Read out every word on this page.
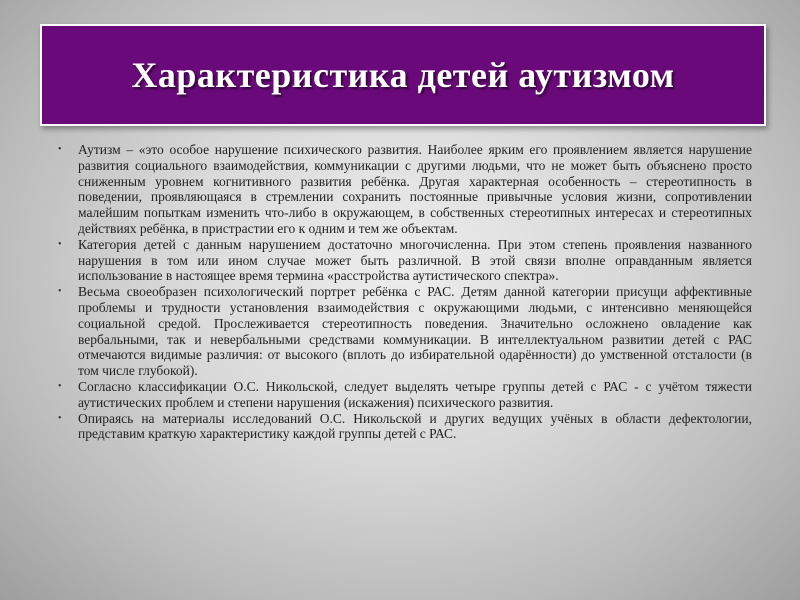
Характеристика детей аутизмом
• Аутизм – «это особое нарушение психического развития. Наиболее ярким его проявлением является нарушение развития социального взаимодействия, коммуникации с другими людьми, что не может быть объяснено просто сниженным уровнем когнитивного развития ребёнка. Другая характерная особенность – стереотипность в поведении, проявляющаяся в стремлении сохранить постоянные привычные условия жизни, сопротивлении малейшим попыткам изменить что-либо в окружающем, в собственных стереотипных интересах и стереотипных действиях ребёнка, в пристрастии его к одним и тем же объектам.
• Категория детей с данным нарушением достаточно многочисленна. При этом степень проявления названного нарушения в том или ином случае может быть различной. В этой связи вполне оправданным является использование в настоящее время термина «расстройства аутистического спектра».
• Весьма своеобразен психологический портрет ребёнка с РАС. Детям данной категории присущи аффективные проблемы и трудности установления взаимодействия с окружающими людьми, с интенсивно меняющейся социальной средой. Прослеживается стереотипность поведения. Значительно осложнено овладение как вербальными, так и невербальными средствами коммуникации. В интеллектуальном развитии детей с РАС отмечаются видимые различия: от высокого (вплоть до избирательной одарённости) до умственной отсталости (в том числе глубокой).
• Согласно классификации О.С. Никольской, следует выделять четыре группы детей с РАС - с учётом тяжести аутистических проблем и степени нарушения (искажения) психического развития.
• Опираясь на материалы исследований О.С. Никольской и других ведущих учёных в области дефектологии, представим краткую характеристику каждой группы детей с РАС.
